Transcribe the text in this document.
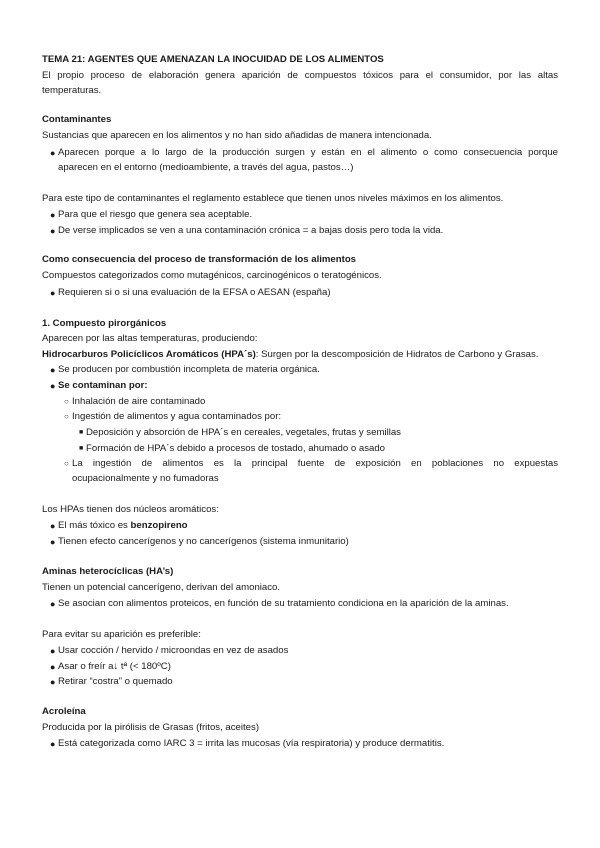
TEMA 21: AGENTES QUE AMENAZAN LA INOCUIDAD DE LOS ALIMENTOS
El propio proceso de elaboración genera aparición de compuestos tóxicos para el consumidor, por las altas
temperaturas.
Contaminantes
Sustancias que aparecen en los alimentos y no han sido añadidas de manera intencionada.
● Aparecen porque a lo largo de la producción surgen y están en el alimento o como consecuencia porque
aparecen en el entorno (medioambiente, a través del agua, pastos…)
Para este tipo de contaminantes el reglamento establece que tienen unos niveles máximos en los alimentos.
● Para que el riesgo que genera sea aceptable.
● De verse implicados se ven a una contaminación crónica = a bajas dosis pero toda la vida.
Como consecuencia del proceso de transformación de los alimentos
Compuestos categorizados como mutagénicos, carcinogénicos o teratogénicos.
● Requieren si o si una evaluación de la EFSA o AESAN (españa)
1. Compuesto pirorgánicos
Aparecen por las altas temperaturas, produciendo:
Hidrocarburos Policíclicos Aromáticos (HPA´s): Surgen por la descomposición de Hidratos de Carbono y Grasas.
● Se producen por combustión incompleta de materia orgánica.
● Se contaminan por:
○ Inhalación de aire contaminado
○ Ingestión de alimentos y agua contaminados por:
■ Deposición y absorción de HPA´s en cereales, vegetales, frutas y semillas
■ Formación de HPA´s debido a procesos de tostado, ahumado o asado
○ La ingestión de alimentos es la principal fuente de exposición en poblaciones no expuestas
ocupacionalmente y no fumadoras
Los HPAs tienen dos núcleos aromáticos:
● El más tóxico es benzopireno
● Tienen efecto cancerígenos y no cancerígenos (sistema inmunitario)
Aminas heterocíclicas (HA’s)
Tienen un potencial cancerígeno, derivan del amoniaco.
● Se asocian con alimentos proteicos, en función de su tratamiento condiciona en la aparición de la aminas.
Para evitar su aparición es preferible:
● Usar cocción / hervido / microondas en vez de asados
● Asar o freír a↓ tª (< 180ºC)
● Retirar “costra” o quemado
Acroleína
Producida por la pirólisis de Grasas (fritos, aceites)
● Está categorizada como IARC 3 = irrita las mucosas (vía respiratoria) y produce dermatitis.
